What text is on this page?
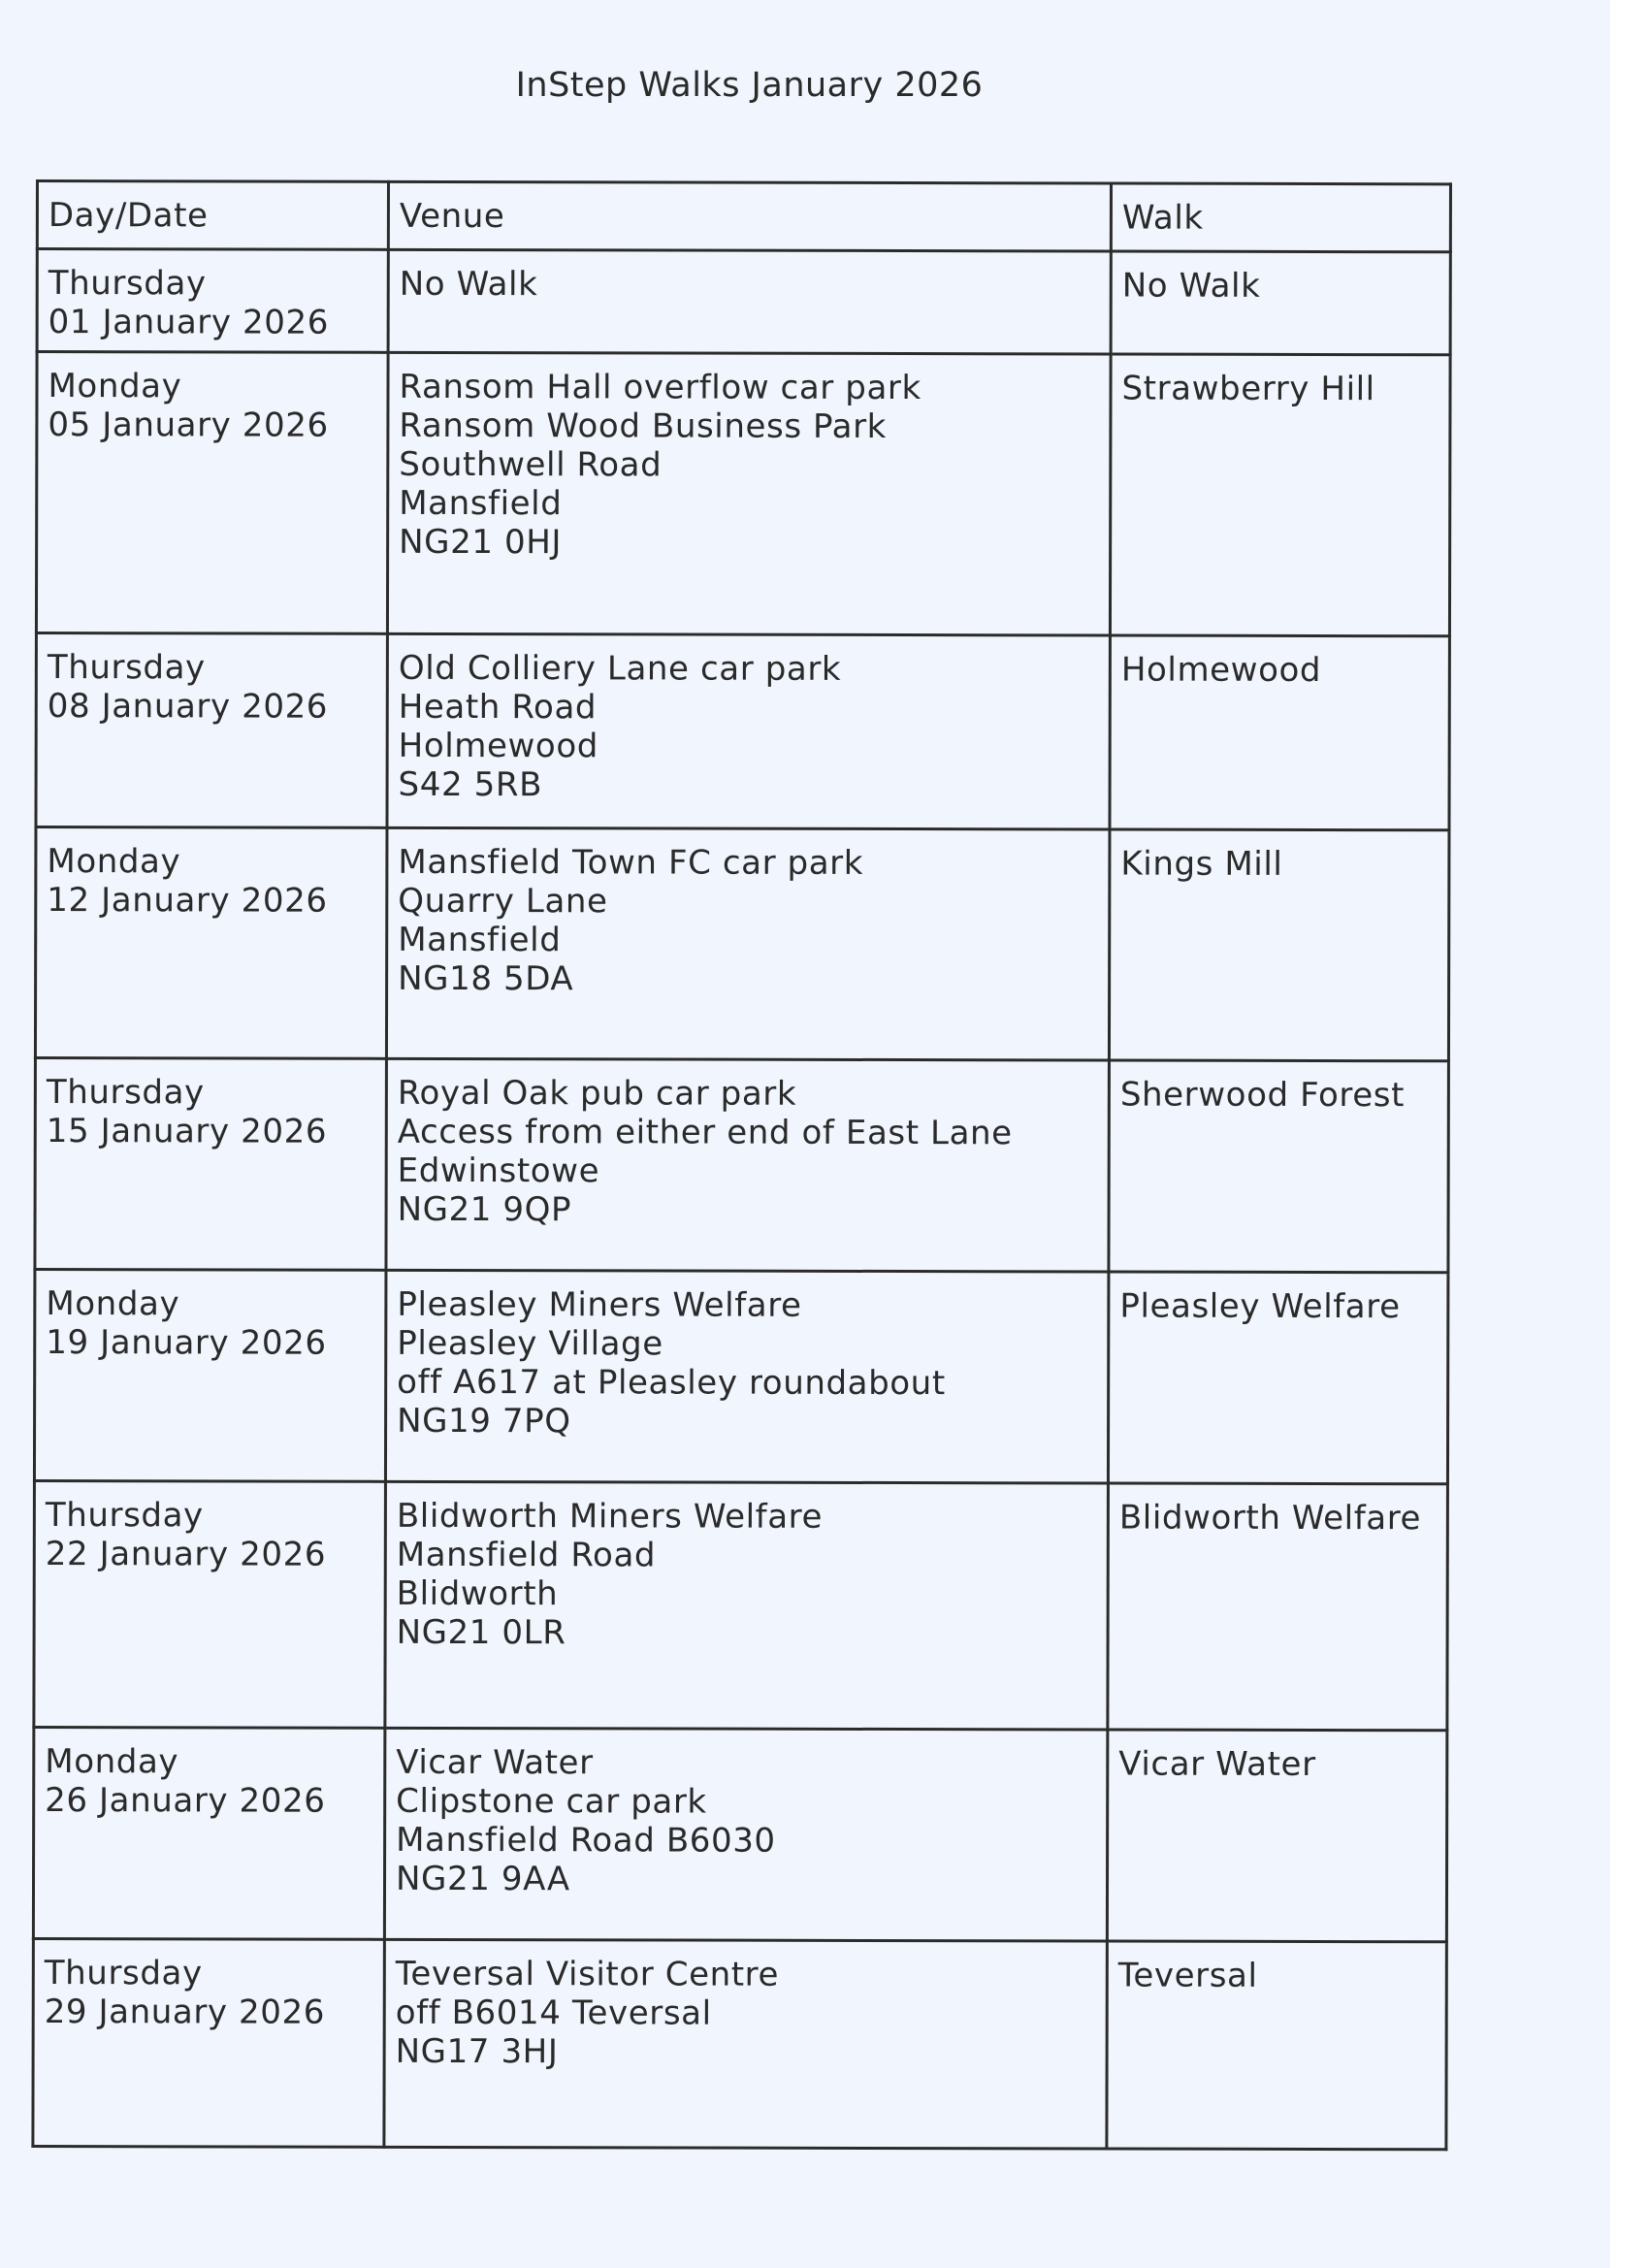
InStep Walks January 2026
Day/Date	Venue	Walk

Thursday
01 January 2026	No Walk	No Walk

Monday
05 January 2026	Ransom Hall overflow car park
Ransom Wood Business Park
Southwell Road
Mansfield
NG21 0HJ	Strawberry Hill

Thursday
08 January 2026	Old Colliery Lane car park
Heath Road
Holmewood
S42 5RB	Holmewood

Monday
12 January 2026	Mansfield Town FC car park
Quarry Lane
Mansfield
NG18 5DA	Kings Mill

Thursday
15 January 2026	Royal Oak pub car park
Access from either end of East Lane
Edwinstowe
NG21 9QP	Sherwood Forest

Monday
19 January 2026	Pleasley Miners Welfare
Pleasley Village
off A617 at Pleasley roundabout
NG19 7PQ	Pleasley Welfare

Thursday
22 January 2026	Blidworth Miners Welfare
Mansfield Road
Blidworth
NG21 0LR	Blidworth Welfare

Monday
26 January 2026	Vicar Water
Clipstone car park
Mansfield Road B6030
NG21 9AA	Vicar Water

Thursday
29 January 2026	Teversal Visitor Centre
off B6014 Teversal
NG17 3HJ	Teversal
